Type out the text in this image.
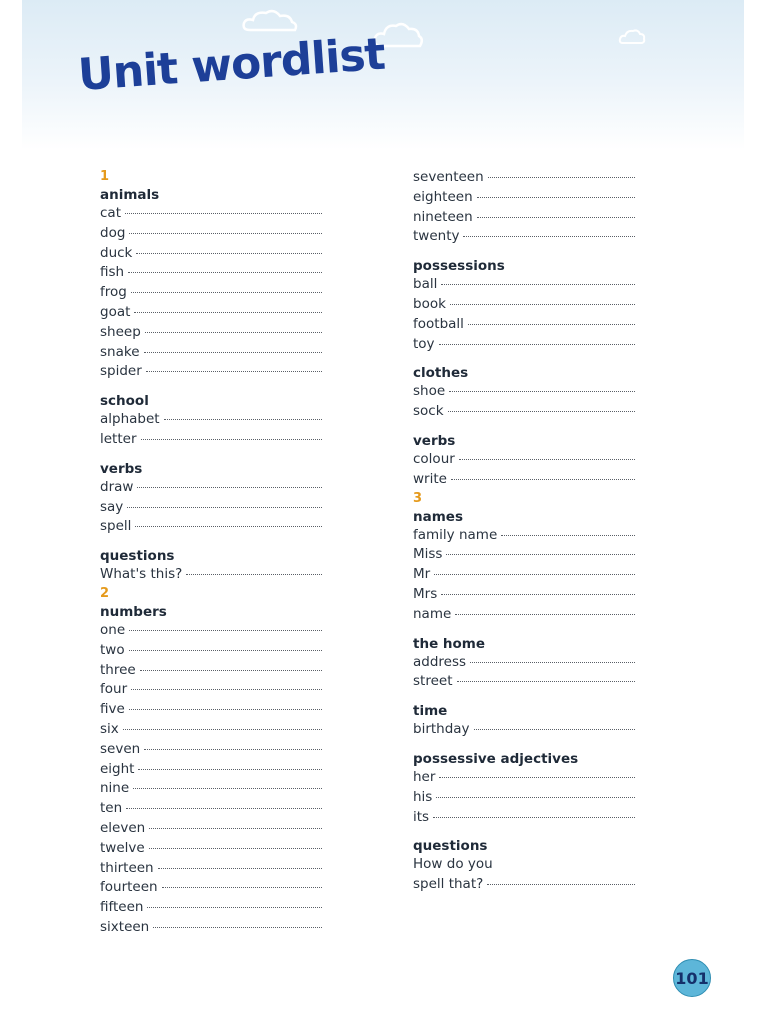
Unit wordlist
1
animals
cat
dog
duck
fish
frog
goat
sheep
snake
spider
school
alphabet
letter
verbs
draw
say
spell
questions
What's this?
2
numbers
one
two
three
four
five
six
seven
eight
nine
ten
eleven
twelve
thirteen
fourteen
fifteen
sixteen
seventeen
eighteen
nineteen
twenty
possessions
ball
book
football
toy
clothes
shoe
sock
verbs
colour
write
3
names
family name
Miss
Mr
Mrs
name
the home
address
street
time
birthday
possessive adjectives
her
his
its
questions
How do you
spell that?
101
